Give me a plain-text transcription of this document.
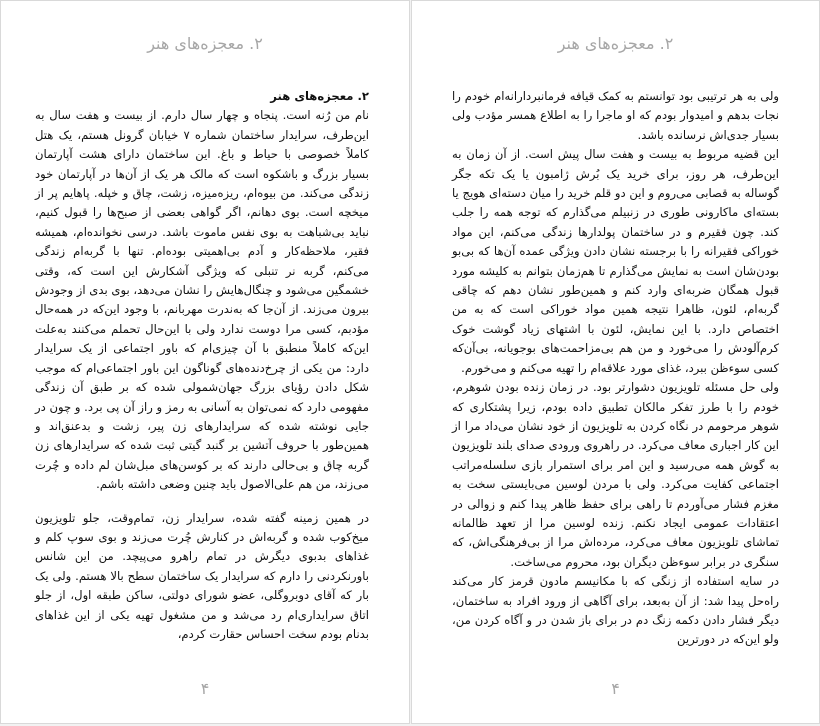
۲. معجزه‌های هنر

۲. معجزه‌های هنر

نام من رُنه است. پنجاه و چهار سال دارم. از بیست و هفت سال به این‌طرف، سرایدار ساختمان شماره ۷ خیابان گرونل هستم، یک هتل کاملاً خصوصی با حیاط و باغ. این ساختمان دارای هشت آپارتمان بسیار بزرگ و باشکوه است که مالک هر یک از آن‌ها در آپارتمان خود زندگی می‌کند. من بیوه‌ام، ریزه‌میزه، زشت، چاق و خپله. پاهایم پر از میخچه است. بوی دهانم، اگر گواهی بعضی از صبح‌ها را قبول کنیم، نباید بی‌شباهت به بوی نفس ماموت باشد. درسی نخوانده‌ام، همیشه فقیر، ملاحظه‌کار و آدم بی‌اهمیتی بوده‌ام. تنها با گربه‌ام زندگی می‌کنم، گربه نر تنبلی که ویژگی آشکارش این است که، وقتی خشمگین می‌شود و چنگال‌هایش را نشان می‌دهد، بوی بدی از وجودش بیرون می‌زند. از آن‌جا که به‌ندرت مهربانم، با وجود این‌که در همه‌حال مؤدبم، کسی مرا دوست ندارد ولی با این‌حال تحملم می‌کنند به‌علت این‌که کاملاً منطبق با آن چیزی‌ام که باور اجتماعی از یک سرایدار دارد: من یکی از چرخ‌دنده‌های گوناگون این باور اجتماعی‌ام که موجب شکل دادن رؤیای بزرگ جهان‌شمولی شده که بر طبق آن زندگی مفهومی دارد که نمی‌توان به آسانی به رمز و راز آن پی برد. و چون در جایی نوشته شده که سرایدارهای زن پیر، زشت و بدعنق‌اند و همین‌طور با حروف آتشین بر گنبد گیتی ثبت شده که سرایدارهای زن گربه چاق و بی‌حالی دارند که بر کوسن‌های مبل‌شان لم داده و چُرت می‌زند، من هم علی‌الاصول باید چنین وضعی داشته باشم.

در همین زمینه گفته شده، سرایدار زن، تمام‌وقت، جلو تلویزیون میخ‌کوب شده و گربه‌اش در کنارش چُرت می‌زند و بوی سوپ کلم و غذاهای بدبوی دیگرش در تمام راهرو می‌پیچد. من این شانس باورنکردنی را دارم که سرایدار یک ساختمان سطح بالا هستم. ولی یک بار که آقای دوبروگلی، عضو شورای دولتی، ساکن طبقه اول، از جلو اتاق سرایداری‌ام رد می‌شد و من مشغول تهیه یکی از این غذاهای بدنام بودم سخت احساس حقارت کردم،

۴
۲. معجزه‌های هنر

ولی به هر ترتیبی بود توانستم به کمک قیافه فرمانبردارانه‌ام خودم را نجات بدهم و امیدوار بودم که او ماجرا را به اطلاع همسر مؤدب ولی بسیار جدی‌اش نرسانده باشد.

این قضیه مربوط به بیست و هفت سال پیش است. از آن زمان به این‌طرف، هر روز، برای خرید یک بُرش ژامبون یا یک تکه جگر گوساله به قصابی می‌روم و این دو قلم خرید را میان دسته‌ای هویج یا بسته‌ای ماکارونی طوری در زنبیلم می‌گذارم که توجه همه را جلب کند. چون فقیرم و در ساختمان پولدارها زندگی می‌کنم، این مواد خوراکی فقیرانه را با برجسته نشان دادن ویژگی عمده آن‌ها که بی‌بو بودن‌شان است به نمایش می‌گذارم تا هم‌زمان بتوانم به کلیشه مورد قبول همگان ضربه‌ای وارد کنم و همین‌طور نشان دهم که چاقی گربه‌ام، لئون، ظاهرا نتیجه همین مواد خوراکی است که به من اختصاص دارد. با این نمایش، لئون با اشتهای زیاد گوشت خوک کرم‌آلودش را می‌خورد و من هم بی‌مزاحمت‌های بوجویانه، بی‌آن‌که کسی سوءظن ببرد، غذای مورد علاقه‌ام را تهیه می‌کنم و می‌خورم.

ولی حل مسئله تلویزیون دشوارتر بود. در زمان زنده بودن شوهرم، خودم را با طرز تفکر مالکان تطبیق داده بودم، زیرا پشتکاری که شوهر مرحومم در نگاه کردن به تلویزیون از خود نشان می‌داد مرا از این کار اجباری معاف می‌کرد. در راهروی ورودی صدای بلند تلویزیون به گوش همه می‌رسید و این امر برای استمرار بازی سلسله‌مراتب اجتماعی کفایت می‌کرد. ولی با مردن لوسین می‌بایستی سخت به مغزم فشار می‌آوردم تا راهی برای حفظ ظاهر پیدا کنم و زوالی در اعتقادات عمومی ایجاد نکنم. زنده لوسین مرا از تعهد ظالمانه تماشای تلویزیون معاف می‌کرد، مرده‌اش مرا از بی‌فرهنگی‌اش، که سنگری در برابر سوءظن دیگران بود، محروم می‌ساخت.

در سایه استفاده از زنگی که با مکانیسم مادون قرمز کار می‌کند راه‌حل پیدا شد: از آن به‌بعد، برای آگاهی از ورود افراد به ساختمان، دیگر فشار دادن دکمه زنگ دم در برای باز شدن در و آگاه کردن من، ولو این‌که در دورترین

۴
